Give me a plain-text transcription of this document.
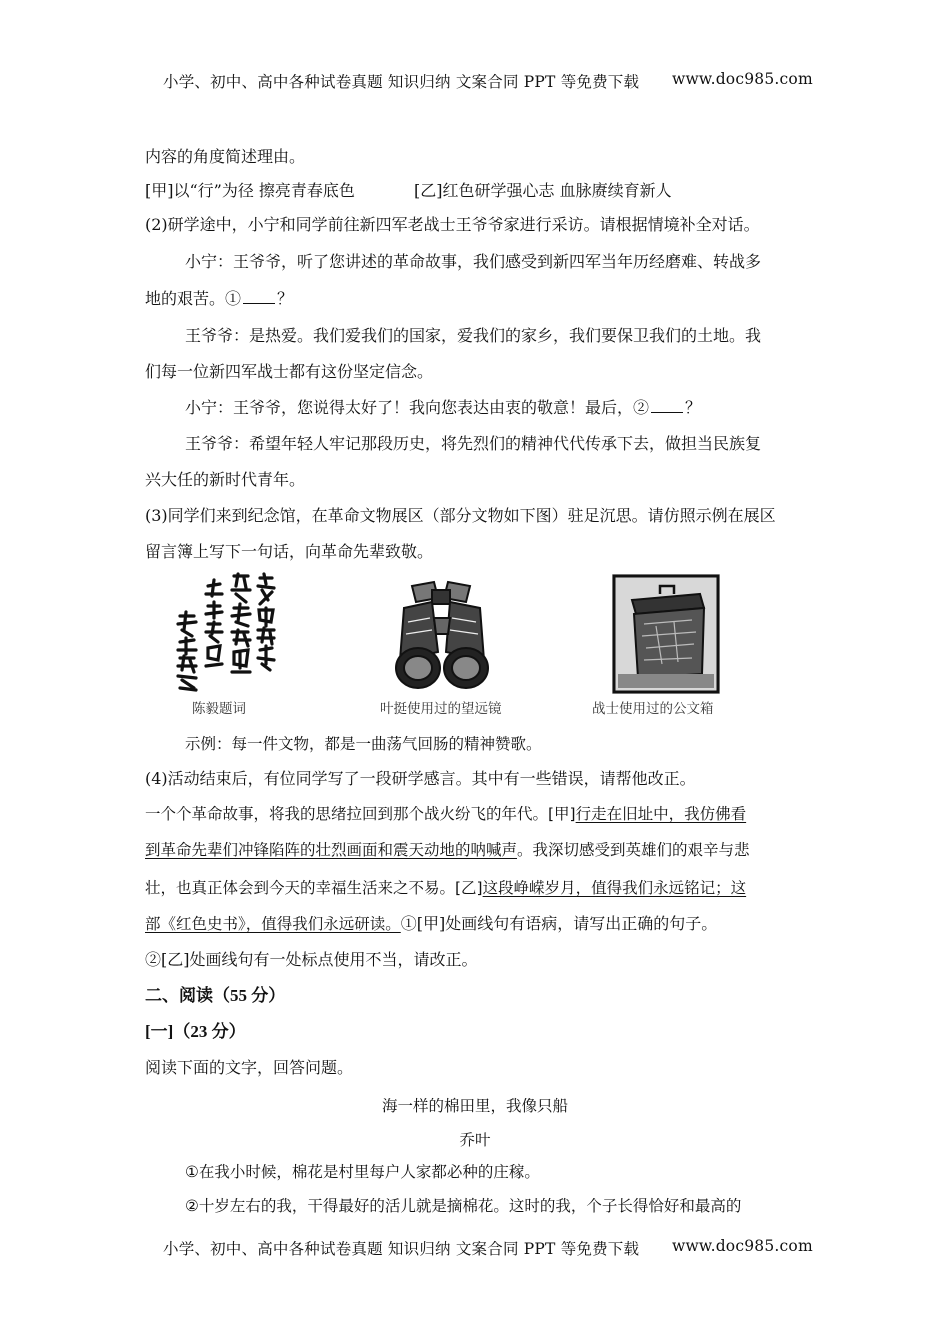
小学、初中、高中各种试卷真题 知识归纳 文案合同 PPT 等免费下载 www.doc985.com
内容的角度简述理由。
[甲]以“行”为径 擦亮青春底色	[乙]红色研学强心志 血脉赓续育新人
(2)研学途中，小宁和同学前往新四军老战士王爷爷家进行采访。请根据情境补全对话。
小宁：王爷爷，听了您讲述的革命故事，我们感受到新四军当年历经磨难、转战多
地的艰苦。① ？
王爷爷：是热爱。我们爱我们的国家，爱我们的家乡，我们要保卫我们的土地。我
们每一位新四军战士都有这份坚定信念。
小宁：王爷爷，您说得太好了！我向您表达由衷的敬意！最后，② ？
王爷爷：希望年轻人牢记那段历史，将先烈们的精神代代传承下去，做担当民族复
兴大任的新时代青年。
(3)同学们来到纪念馆，在革命文物展区（部分文物如下图）驻足沉思。请仿照示例在展区
留言簿上写下一句话，向革命先辈致敬。
陈毅题词	叶挺使用过的望远镜	战士使用过的公文箱
示例：每一件文物，都是一曲荡气回肠的精神赞歌。
(4)活动结束后，有位同学写了一段研学感言。其中有一些错误，请帮他改正。
一个个革命故事，将我的思绪拉回到那个战火纷飞的年代。[甲]行走在旧址中，我仿佛看
到革命先辈们冲锋陷阵的壮烈画面和震天动地的呐喊声。我深切感受到英雄们的艰辛与悲
壮，也真正体会到今天的幸福生活来之不易。[乙]这段峥嵘岁月，值得我们永远铭记；这
部《红色史书》，值得我们永远研读。①[甲]处画线句有语病，请写出正确的句子。
②[乙]处画线句有一处标点使用不当，请改正。
二、阅读（55 分）
[一]（23 分）
阅读下面的文字，回答问题。
海一样的棉田里，我像只船
乔叶
①在我小时候，棉花是村里每户人家都必种的庄稼。
②十岁左右的我，干得最好的活儿就是摘棉花。这时的我，个子长得恰好和最高的
小学、初中、高中各种试卷真题 知识归纳 文案合同 PPT 等免费下载 www.doc985.com
